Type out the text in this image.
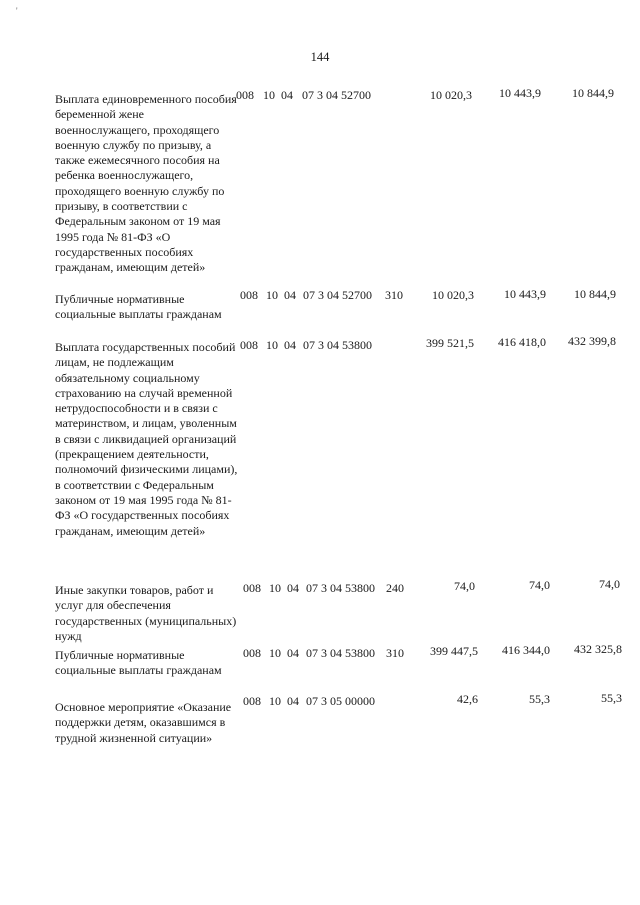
'
144
Выплата единовременного пособия беременной жене военнослужащего, проходящего военную службу по призыву, а также ежемесячного пособия на ребенка военнослужащего, проходящего военную службу по призыву, в соответствии с Федеральным законом от 19 мая 1995 года № 81-ФЗ «О государственных пособиях гражданам, имеющим детей»
008 10 04 07 3 04 52700	10 020,3	10 443,9	10 844,9
Публичные нормативные социальные выплаты гражданам
008 10 04 07 3 04 52700 310	10 020,3	10 443,9	10 844,9
Выплата государственных пособий лицам, не подлежащим обязательному социальному страхованию на случай временной нетрудоспособности и в связи с материнством, и лицам, уволенным в связи с ликвидацией организаций (прекращением деятельности, полномочий физическими лицами), в соответствии с Федеральным законом от 19 мая 1995 года № 81-ФЗ «О государственных пособиях гражданам, имеющим детей»
008 10 04 07 3 04 53800	399 521,5	416 418,0	432 399,8
Иные закупки товаров, работ и услуг для обеспечения государственных (муниципальных) нужд
008 10 04 07 3 04 53800 240	74,0	74,0	74,0
Публичные нормативные социальные выплаты гражданам
008 10 04 07 3 04 53800 310	399 447,5	416 344,0	432 325,8
Основное мероприятие «Оказание поддержки детям, оказавшимся в трудной жизненной ситуации»
008 10 04 07 3 05 00000	42,6	55,3	55,3
